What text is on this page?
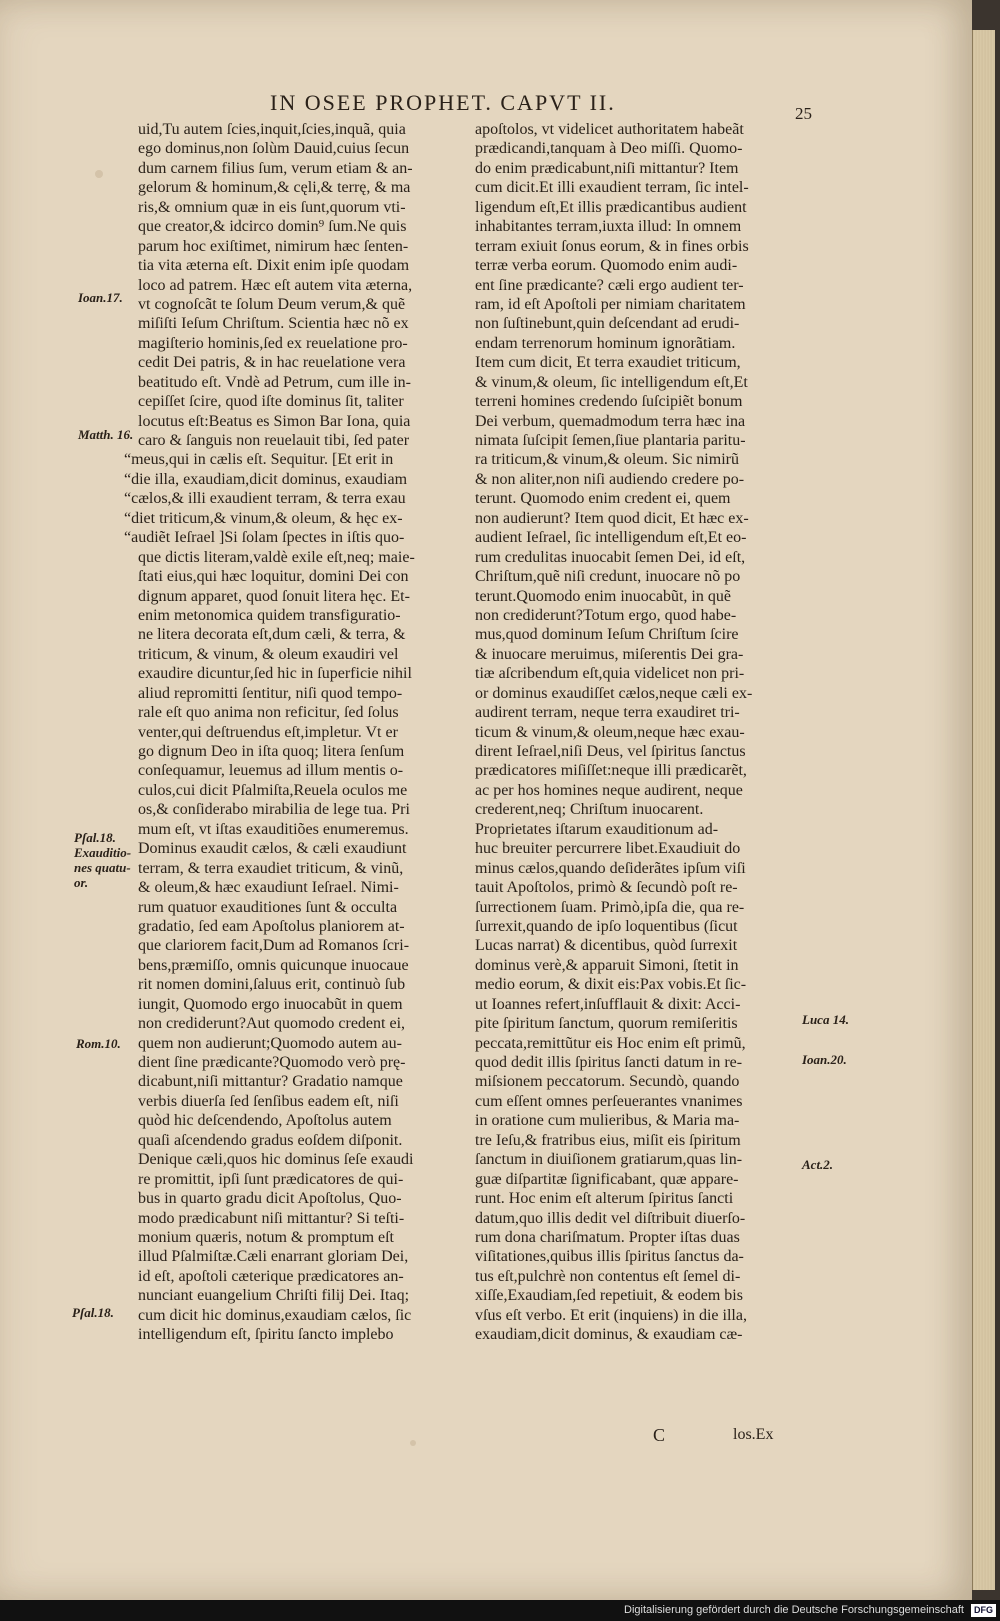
IN OSEE PROPHET. CAPVT II.	25
uid,Tu autem ſcies,inquit,ſcies,inquã, quia
ego dominus,non ſolùm Dauid,cuius ſecun
dum carnem filius ſum, verum etiam & an-
gelorum & hominum,& cęli,& terrę, & ma
ris,& omnium quæ in eis ſunt,quorum vti-
que creator,& idcirco domin⁹ ſum.Ne quis
parum hoc exiſtimet, nimirum hæc ſenten-
tia vita æterna eſt. Dixit enim ipſe quodam
loco ad patrem. Hæc eſt autem vita æterna,
vt cognoſcãt te ſolum Deum verum,& quẽ
miſiſti Ieſum Chriſtum. Scientia hæc nõ ex
magiſterio hominis,ſed ex reuelatione pro-
cedit Dei patris, & in hac reuelatione vera
beatitudo eſt. Vndè ad Petrum, cum ille in-
cepiſſet ſcire, quod iſte dominus ſit, taliter
locutus eſt:Beatus es Simon Bar Iona, quia
caro & ſanguis non reuelauit tibi, ſed pater
“meus,qui in cælis eſt. Sequitur. [Et erit in
“die illa, exaudiam,dicit dominus, exaudiam
“cælos,& illi exaudient terram, & terra exau
“diet triticum,& vinum,& oleum, & hęc ex-
“audiẽt Ieſrael ]Si ſolam ſpectes in iſtis quo-
que dictis literam,valdè exile eſt,neq; maie-
ſtati eius,qui hæc loquitur, domini Dei con
dignum apparet, quod ſonuit litera hęc. Et-
enim metonomica quidem transfiguratio-
ne litera decorata eſt,dum cæli, & terra, &
triticum, & vinum, & oleum exaudiri vel
exaudire dicuntur,ſed hic in ſuperficie nihil
aliud repromitti ſentitur, niſi quod tempo-
rale eſt quo anima non reficitur, ſed ſolus
venter,qui deſtruendus eſt,impletur. Vt er
go dignum Deo in iſta quoq; litera ſenſum
conſequamur, leuemus ad illum mentis o-
culos,cui dicit Pſalmiſta,Reuela oculos me
os,& conſiderabo mirabilia de lege tua. Pri
mum eſt, vt iſtas exauditiões enumeremus.
Dominus exaudit cælos, & cæli exaudiunt
terram, & terra exaudiet triticum, & vinũ,
& oleum,& hæc exaudiunt Ieſrael. Nimi-
rum quatuor exauditiones ſunt & occulta
gradatio, ſed eam Apoſtolus planiorem at-
que clariorem facit,Dum ad Romanos ſcri-
bens,præmiſſo, omnis quicunque inuocaue
rit nomen domini,ſaluus erit, continuò ſub
iungit, Quomodo ergo inuocabũt in quem
non crediderunt?Aut quomodo credent ei,
quem non audierunt;Quomodo autem au-
dient ſine prædicante?Quomodo verò prę-
dicabunt,niſi mittantur? Gradatio namque
verbis diuerſa ſed ſenſibus eadem eſt, niſi
quòd hic deſcendendo, Apoſtolus autem
quaſi aſcendendo gradus eoſdem diſponit.
Denique cæli,quos hic dominus ſeſe exaudi
re promittit, ipſi ſunt prædicatores de qui-
bus in quarto gradu dicit Apoſtolus, Quo-
modo prædicabunt niſi mittantur? Si teſti-
monium quæris, notum & promptum eſt
illud Pſalmiſtæ.Cæli enarrant gloriam Dei,
id eſt, apoſtoli cæterique prædicatores an-
nunciant euangelium Chriſti filij Dei. Itaq;
cum dicit hic dominus,exaudiam cælos, ſic
intelligendum eſt, ſpiritu ſancto implebo
apoſtolos, vt videlicet authoritatem habeãt
prædicandi,tanquam à Deo miſſi. Quomo-
do enim prædicabunt,niſi mittantur? Item
cum dicit.Et illi exaudient terram, ſic intel-
ligendum eſt,Et illis prædicantibus audient
inhabitantes terram,iuxta illud: In omnem
terram exiuit ſonus eorum, & in fines orbis
terræ verba eorum. Quomodo enim audi-
ent ſine prædicante? cæli ergo audient ter-
ram, id eſt Apoſtoli per nimiam charitatem
non ſuſtinebunt,quin deſcendant ad erudi-
endam terrenorum hominum ignorãtiam.
Item cum dicit, Et terra exaudiet triticum,
& vinum,& oleum, ſic intelligendum eſt,Et
terreni homines credendo ſuſcipiẽt bonum
Dei verbum, quemadmodum terra hæc ina
nimata ſuſcipit ſemen,ſiue plantaria paritu-
ra triticum,& vinum,& oleum. Sic nimirũ
& non aliter,non niſi audiendo credere po-
terunt. Quomodo enim credent ei, quem
non audierunt? Item quod dicit, Et hæc ex-
audient Ieſrael, ſic intelligendum eſt,Et eo-
rum credulitas inuocabit ſemen Dei, id eſt,
Chriſtum,quẽ niſi credunt, inuocare nõ po
terunt.Quomodo enim inuocabũt, in quẽ
non crediderunt?Totum ergo, quod habe-
mus,quod dominum Ieſum Chriſtum ſcire
& inuocare meruimus, miſerentis Dei gra-
tiæ aſcribendum eſt,quia videlicet non pri-
or dominus exaudiſſet cælos,neque cæli ex-
audirent terram, neque terra exaudiret tri-
ticum & vinum,& oleum,neque hæc exau-
dirent Ieſrael,niſi Deus, vel ſpiritus ſanctus
prædicatores miſiſſet:neque illi prædicarẽt,
ac per hos homines neque audirent, neque
crederent,neq; Chriſtum inuocarent.
Proprietates iſtarum exauditionum ad-
huc breuiter percurrere libet.Exaudiuit do
minus cælos,quando deſiderãtes ipſum viſi
tauit Apoſtolos, primò & ſecundò poſt re-
ſurrectionem ſuam. Primò,ipſa die, qua re-
ſurrexit,quando de ipſo loquentibus (ſicut
Lucas narrat) & dicentibus, quòd ſurrexit
dominus verè,& apparuit Simoni, ſtetit in
medio eorum, & dixit eis:Pax vobis.Et ſic-
ut Ioannes refert,inſufflauit & dixit: Acci-
pite ſpiritum ſanctum, quorum remiſeritis
peccata,remittũtur eis Hoc enim eſt primũ,
quod dedit illis ſpiritus ſancti datum in re-
miſsionem peccatorum. Secundò, quando
cum eſſent omnes perſeuerantes vnanimes
in oratione cum mulieribus, & Maria ma-
tre Ieſu,& fratribus eius, miſit eis ſpiritum
ſanctum in diuiſionem gratiarum,quas lin-
guæ diſpartitæ ſignificabant, quæ appare-
runt. Hoc enim eſt alterum ſpiritus ſancti
datum,quo illis dedit vel diſtribuit diuerſo-
rum dona chariſmatum. Propter iſtas duas
viſitationes,quibus illis ſpiritus ſanctus da-
tus eſt,pulchrè non contentus eſt ſemel di-
xiſſe,Exaudiam,ſed repetiuit, & eodem bis
vſus eſt verbo. Et erit (inquiens) in die illa,
exaudiam,dicit dominus, & exaudiam cæ-
Ioan.17.
Matth. 16.
Pſal.18.
Exauditio-
nes quatu-
or.
Rom.10.
Pſal.18.
Luca 14.
Ioan.20.
Act.2.
C	los.Ex
Digitalisierung gefördert durch die Deutsche Forschungsgemeinschaft	DFG
